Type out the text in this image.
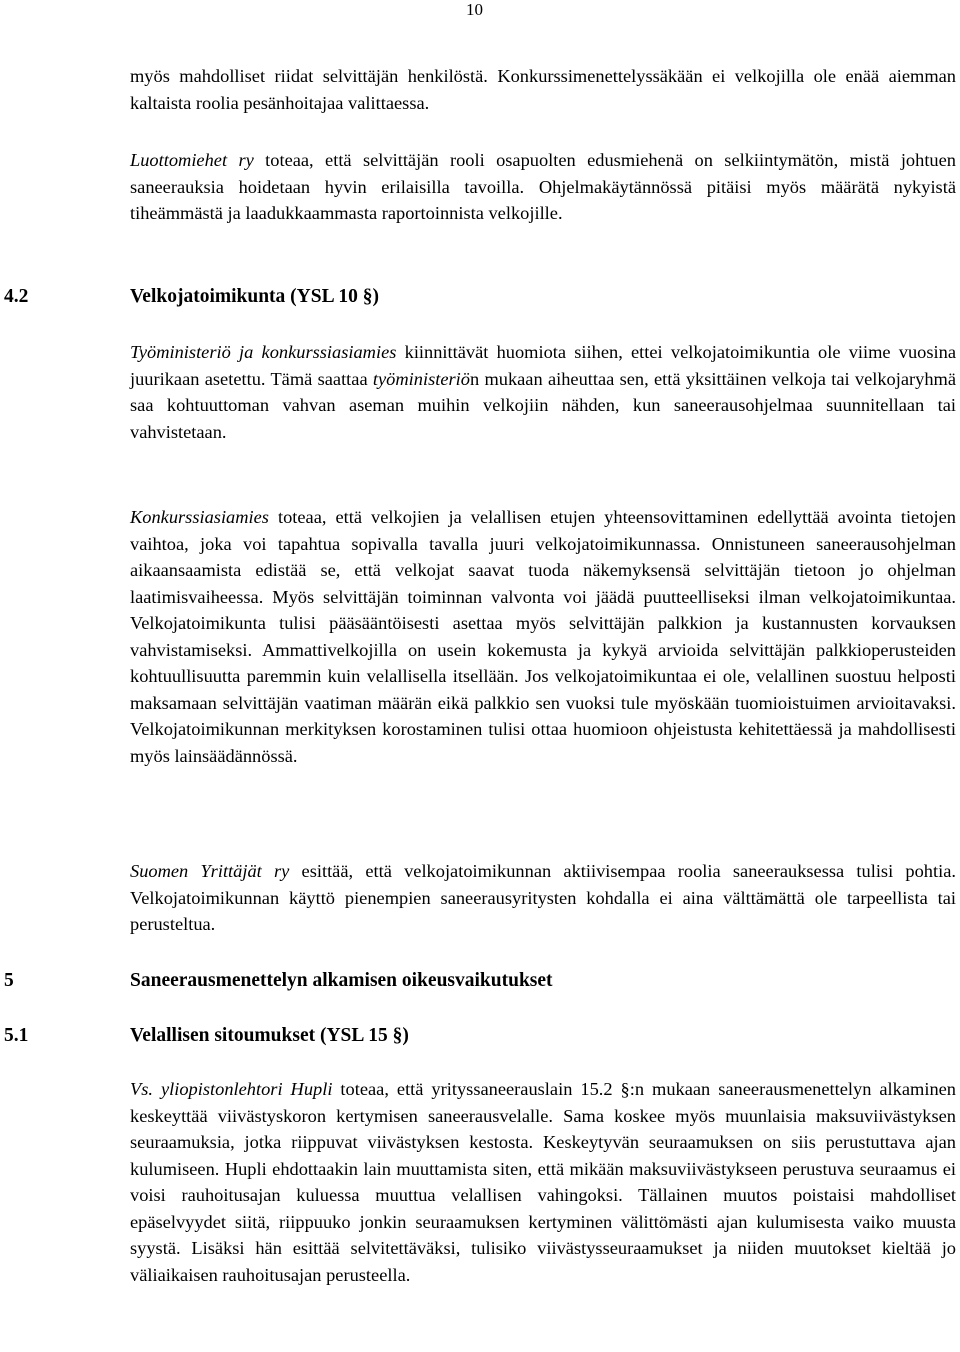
10

myös mahdolliset riidat selvittäjän henkilöstä. Konkurssimenettelyssäkään ei velkojilla ole enää aiemman kaltaista roolia pesänhoitajaa valittaessa.

Luottomiehet ry toteaa, että selvittäjän rooli osapuolten edusmiehenä on selkiintymätön, mistä johtuen saneerauksia hoidetaan hyvin erilaisilla tavoilla. Ohjelmakäytännössä pitäisi myös määrätä nykyistä tiheämmästä ja laadukkaammasta raportoinnista velkojille.

4.2	Velkojatoimikunta (YSL 10 §)

Työministeriö ja konkurssiasiamies kiinnittävät huomiota siihen, ettei velkojatoimikuntia ole viime vuosina juurikaan asetettu. Tämä saattaa työministeriön mukaan aiheuttaa sen, että yksittäinen velkoja tai velkojaryhmä saa kohtuuttoman vahvan aseman muihin velkojiin nähden, kun saneerausohjelmaa suunnitellaan tai vahvistetaan.

Konkurssiasiamies toteaa, että velkojien ja velallisen etujen yhteensovittaminen edellyttää avointa tietojen vaihtoa, joka voi tapahtua sopivalla tavalla juuri velkojatoimikunnassa. Onnistuneen saneerausohjelman aikaansaamista edistää se, että velkojat saavat tuoda näkemyksensä selvittäjän tietoon jo ohjelman laatimisvaiheessa. Myös selvittäjän toiminnan valvonta voi jäädä puutteelliseksi ilman velkojatoimikuntaa. Velkojatoimikunta tulisi pääsääntöisesti asettaa myös selvittäjän palkkion ja kustannusten korvauksen vahvistamiseksi. Ammattivelkojilla on usein kokemusta ja kykyä arvioida selvittäjän palkkioperusteiden kohtuullisuutta paremmin kuin velallisella itsellään. Jos velkojatoimikuntaa ei ole, velallinen suostuu helposti maksamaan selvittäjän vaatiman määrän eikä palkkio sen vuoksi tule myöskään tuomioistuimen arvioitavaksi. Velkojatoimikunnan merkityksen korostaminen tulisi ottaa huomioon ohjeistusta kehitettäessä ja mahdollisesti myös lainsäädännössä.

Suomen Yrittäjät ry esittää, että velkojatoimikunnan aktiivisempaa roolia saneerauksessa tulisi pohtia. Velkojatoimikunnan käyttö pienempien saneerausyritysten kohdalla ei aina välttämättä ole tarpeellista tai perusteltua.

5	Saneerausmenettelyn alkamisen oikeusvaikutukset
5.1	Velallisen sitoumukset (YSL 15 §)

Vs. yliopistonlehtori Hupli toteaa, että yrityssaneerauslain 15.2 §:n mukaan saneerausmenettelyn alkaminen keskeyttää viivästyskoron kertymisen saneerausvelalle. Sama koskee myös muunlaisia maksuviivästyksen seuraamuksia, jotka riippuvat viivästyksen kestosta. Keskeytyvän seuraamuksen on siis perustuttava ajan kulumiseen. Hupli ehdottaakin lain muuttamista siten, että mikään maksuviivästykseen perustuva seuraamus ei voisi rauhoitusajan kuluessa muuttua velallisen vahingoksi. Tällainen muutos poistaisi mahdolliset epäselvyydet siitä, riippuuko jonkin seuraamuksen kertyminen välittömästi ajan kulumisesta vaiko muusta syystä. Lisäksi hän esittää selvitettäväksi, tulisiko viivästysseuraamukset ja niiden muutokset kieltää jo väliaikaisen rauhoitusajan perusteella.
